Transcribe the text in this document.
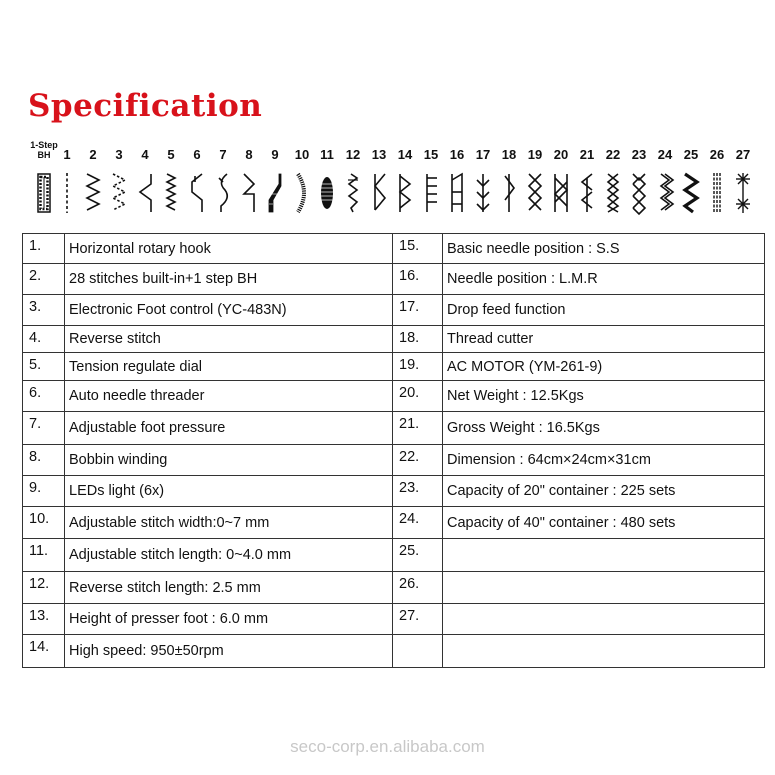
Specification
1-Step
BH 1	2	3	4	5	6	7	8	9	10 11 12 13 14 15 16 17 18 19 20 21 22 23 24 25 26 27
1.	Horizontal rotary hook	15.	Basic needle position : S.S
2.	28 stitches built-in+1 step BH	16.	Needle position : L.M.R
3.	Electronic Foot control (YC-483N)	17.	Drop feed function
4.	Reverse stitch	18.	Thread cutter
5.	Tension regulate dial	19.	AC MOTOR (YM-261-9)
6.	Auto needle threader	20.	Net Weight : 12.5Kgs
7.	Adjustable foot pressure	21.	Gross Weight : 16.5Kgs
8.	Bobbin winding	22.	Dimension : 64cm×24cm×31cm
9.	LEDs light (6x)	23.	Capacity of 20" container : 225 sets
10.	Adjustable stitch width:0~7 mm	24.	Capacity of 40" container : 480 sets
11.	Adjustable stitch length: 0~4.0 mm	25.	
12.	Reverse stitch length: 2.5 mm	26.	
13.	Height of presser foot : 6.0 mm	27.	
14.	High speed: 950±50rpm		
seco-corp.en.alibaba.com
